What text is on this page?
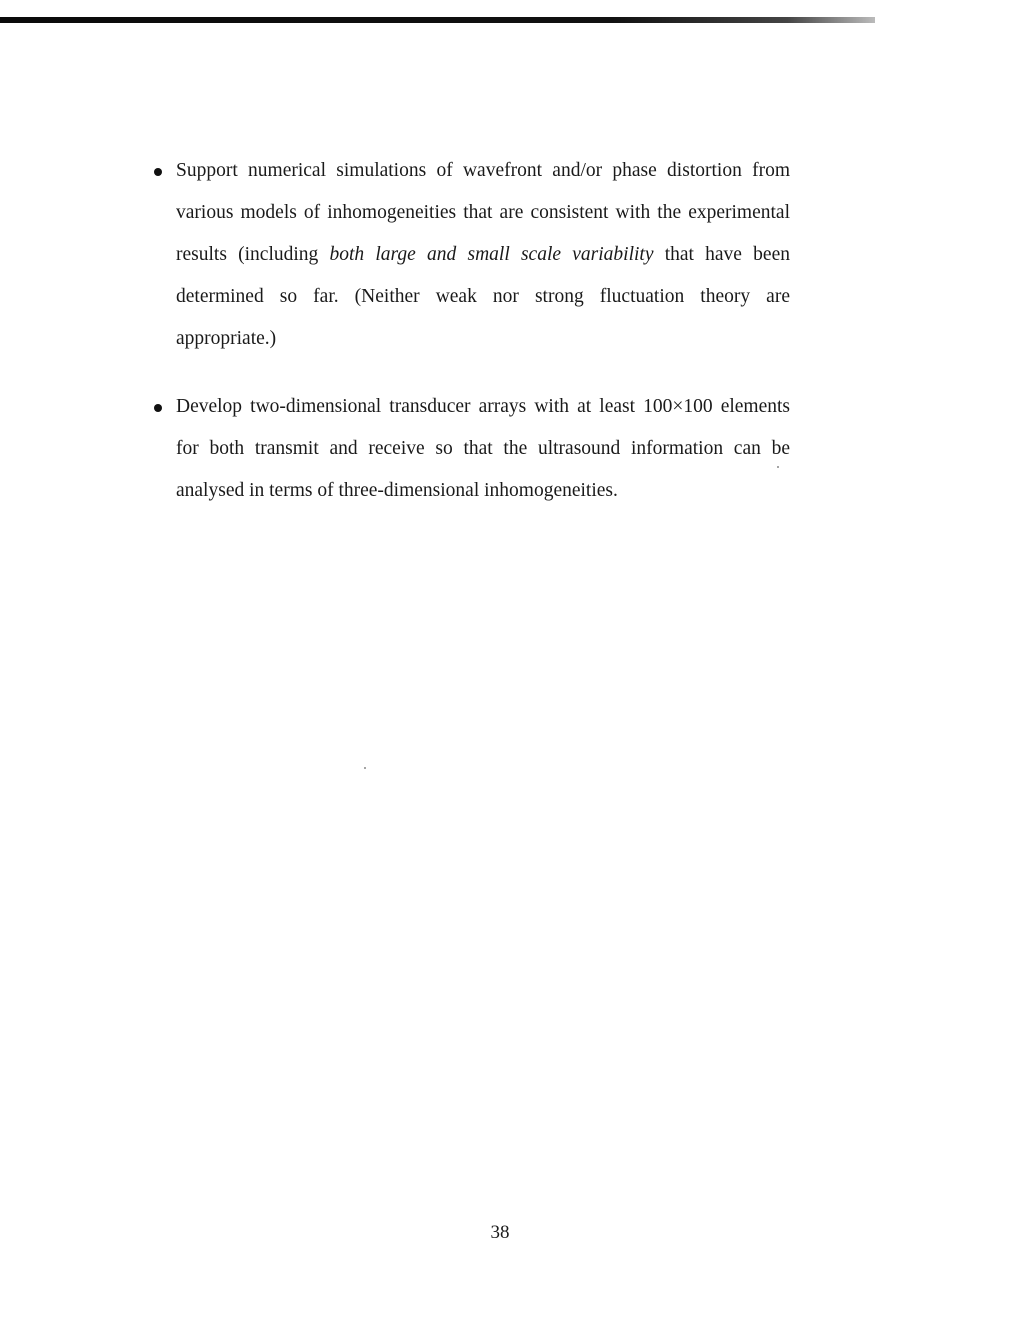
Support numerical simulations of wavefront and/or phase distortion from various models of inhomogeneities that are consistent with the experimental results (including both large and small scale variability that have been determined so far. (Neither weak nor strong fluctuation theory are appropriate.)
Develop two-dimensional transducer arrays with at least 100×100 elements for both transmit and receive so that the ultrasound information can be analysed in terms of three-dimensional inhomogeneities.
38
